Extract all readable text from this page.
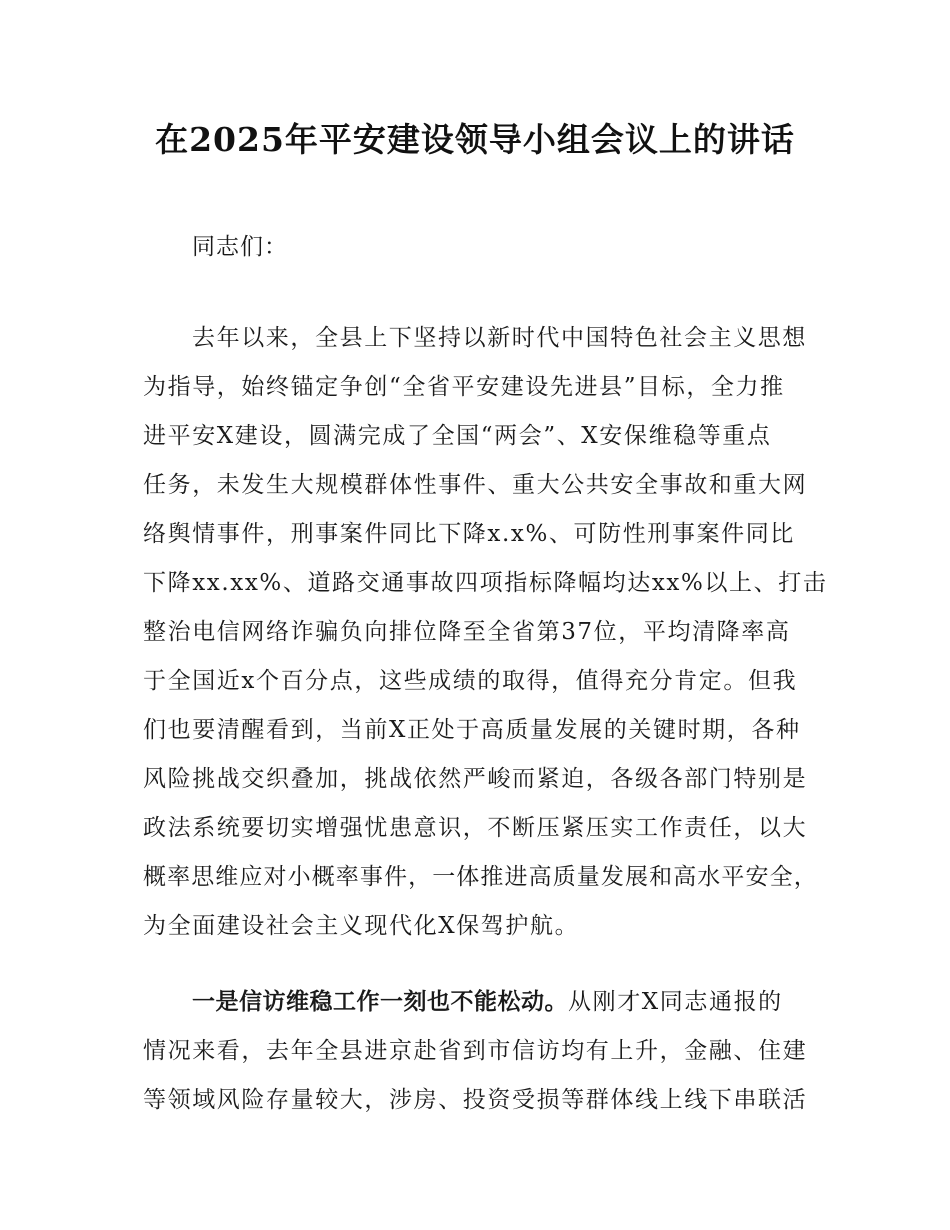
在2025年平安建设领导小组会议上的讲话
同志们：
去年以来，全县上下坚持以新时代中国特色社会主义思想
为指导，始终锚定争创“全省平安建设先进县”目标，全力推
进平安X建设，圆满完成了全国“两会”、X安保维稳等重点
任务，未发生大规模群体性事件、重大公共安全事故和重大网
络舆情事件，刑事案件同比下降x.x%、可防性刑事案件同比
下降xx.xx%、道路交通事故四项指标降幅均达xx%以上、打击
整治电信网络诈骗负向排位降至全省第37位，平均清降率高
于全国近x个百分点，这些成绩的取得，值得充分肯定。但我
们也要清醒看到，当前X正处于高质量发展的关键时期，各种
风险挑战交织叠加，挑战依然严峻而紧迫，各级各部门特别是
政法系统要切实增强忧患意识，不断压紧压实工作责任，以大
概率思维应对小概率事件，一体推进高质量发展和高水平安全，
为全面建设社会主义现代化X保驾护航。
一是信访维稳工作一刻也不能松动。从刚才X同志通报的
情况来看，去年全县进京赴省到市信访均有上升，金融、住建
等领域风险存量较大，涉房、投资受损等群体线上线下串联活
